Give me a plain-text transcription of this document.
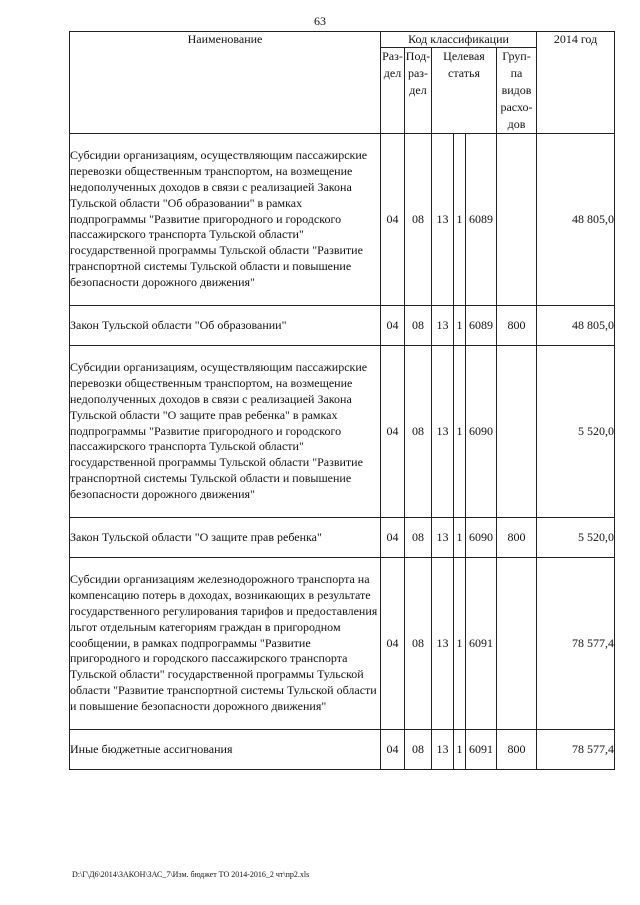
63
Наименование	Код классификации						2014 год
	Раз-дел	Под-раз-дел	Целевая статья			Груп-па видов расхо-дов	
Субсидии организациям, осуществляющим пассажирские перевозки общественным транспортом, на возмещение недополученных доходов в связи с реализацией Закона Тульской области "Об образовании" в рамках подпрограммы "Развитие пригородного и городского пассажирского транспорта Тульской области" государственной программы Тульской области "Развитие транспортной системы Тульской области и повышение безопасности дорожного движения"	04	08	13	1	6089		48 805,0
Закон Тульской области "Об образовании"	04	08	13	1	6089	800	48 805,0
Субсидии организациям, осуществляющим пассажирские перевозки общественным транспортом, на возмещение недополученных доходов в связи с реализацией Закона Тульской области "О защите прав ребенка" в рамках подпрограммы "Развитие пригородного и городского пассажирского транспорта Тульской области" государственной программы Тульской области "Развитие транспортной системы Тульской области и повышение безопасности дорожного движения"	04	08	13	1	6090		5 520,0
Закон Тульской области "О защите прав ребенка"	04	08	13	1	6090	800	5 520,0
Субсидии организациям железнодорожного транспорта на компенсацию потерь в доходах, возникающих в результате государственного регулирования тарифов и предоставления льгот отдельным категориям граждан в пригородном сообщении, в рамках подпрограммы "Развитие пригородного и городского пассажирского транспорта Тульской области" государственной программы Тульской области "Развитие транспортной системы Тульской области и повышение безопасности дорожного движения"	04	08	13	1	6091		78 577,4
Иные бюджетные ассигнования	04	08	13	1	6091	800	78 577,4
D:\Г\Д6\2014\ЗАКОН\ЗАС_7\Изм. бюджет ТО 2014-2016_2 чт\пр2.xls
